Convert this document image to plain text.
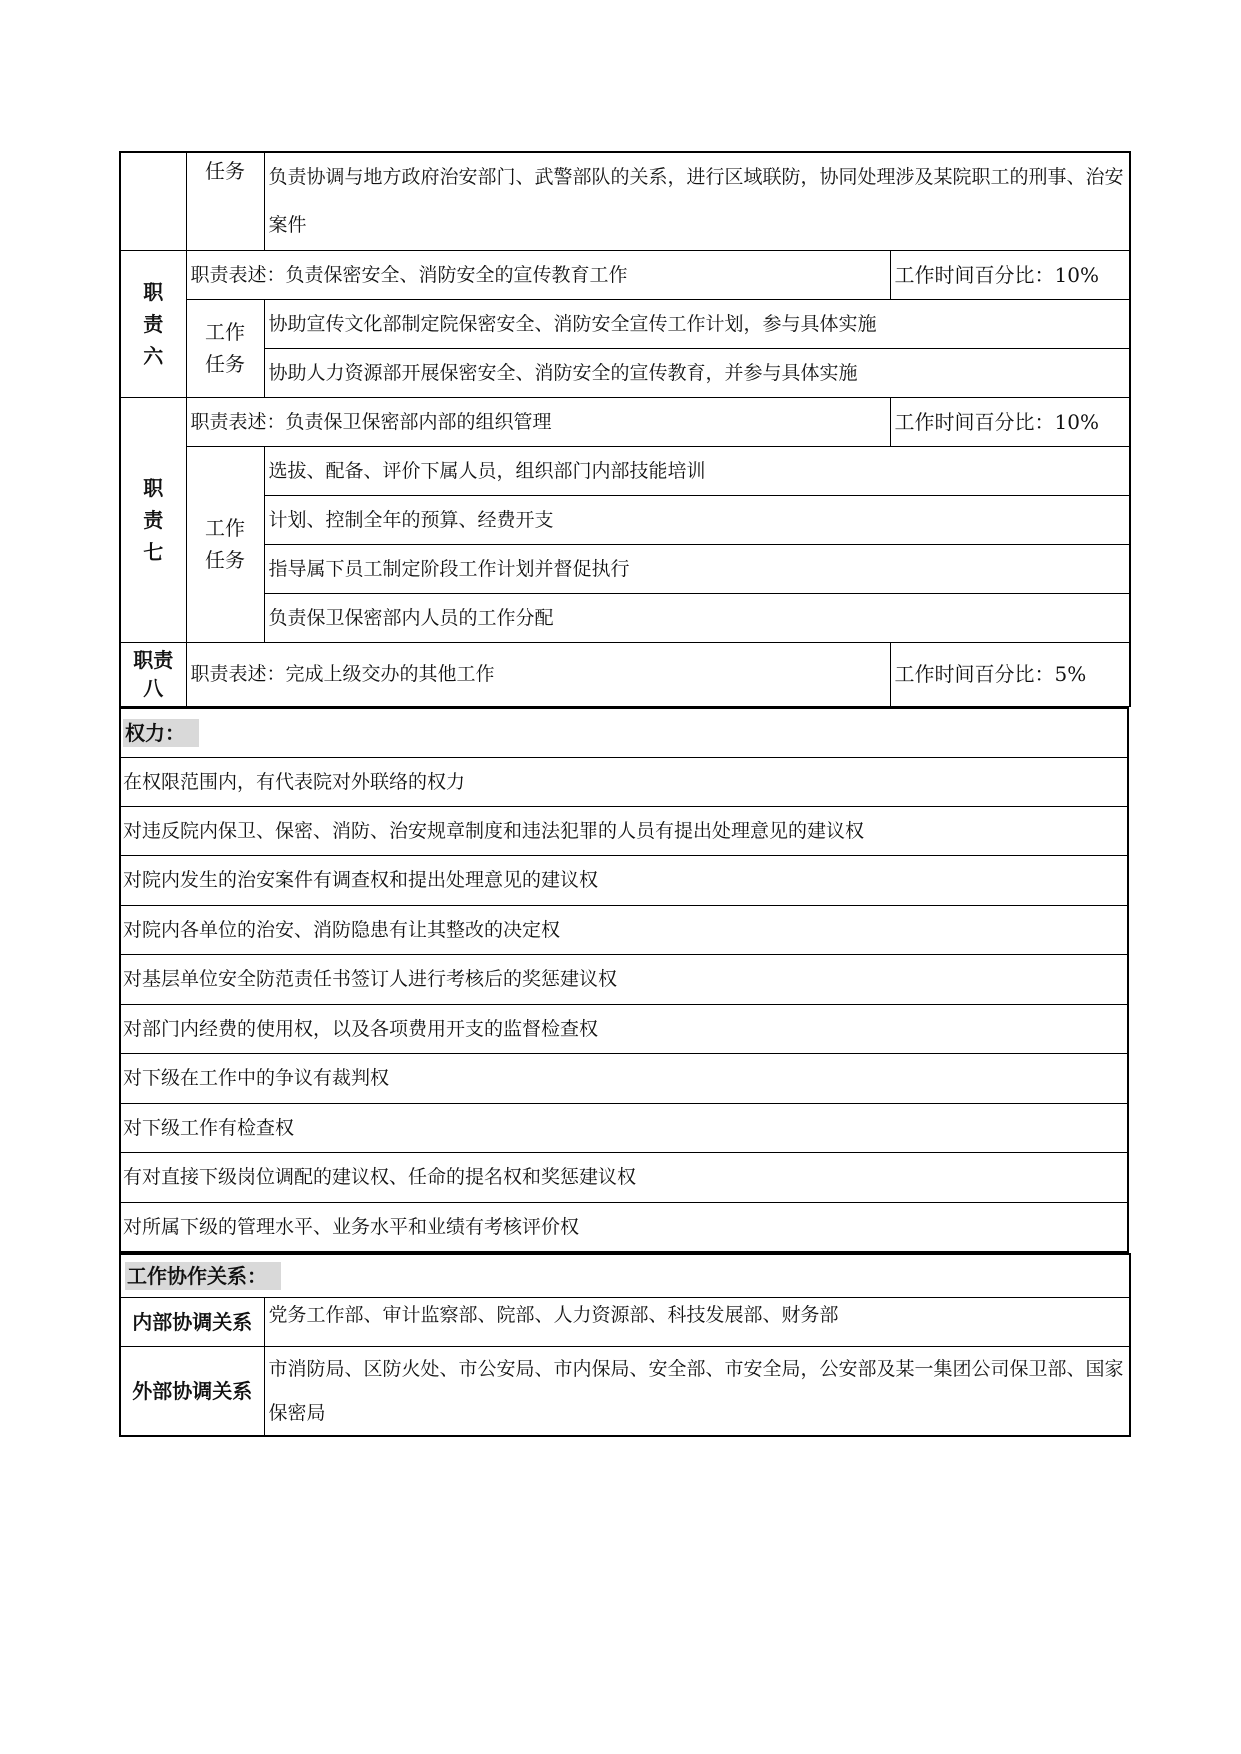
	任务	负责协调与地方政府治安部门、武警部队的关系，进行区域联防，协同处理涉及某院职工的刑事、治安案件	
职责六	职责表述：负责保密安全、消防安全的宣传教育工作		工作时间百分比：10%
	工作任务	协助宣传文化部制定院保密安全、消防安全宣传工作计划，参与具体实施	
		协助人力资源部开展保密安全、消防安全的宣传教育，并参与具体实施	
职责七	职责表述：负责保卫保密部内部的组织管理		工作时间百分比：10%
	工作任务	选拔、配备、评价下属人员，组织部门内部技能培训	
		计划、控制全年的预算、经费开支	
		指导属下员工制定阶段工作计划并督促执行	
		负责保卫保密部内人员的工作分配	
职责八	职责表述：完成上级交办的其他工作		工作时间百分比：5%
权力：
在权限范围内，有代表院对外联络的权力
对违反院内保卫、保密、消防、治安规章制度和违法犯罪的人员有提出处理意见的建议权
对院内发生的治安案件有调查权和提出处理意见的建议权
对院内各单位的治安、消防隐患有让其整改的决定权
对基层单位安全防范责任书签订人进行考核后的奖惩建议权
对部门内经费的使用权，以及各项费用开支的监督检查权
对下级在工作中的争议有裁判权
对下级工作有检查权
有对直接下级岗位调配的建议权、任命的提名权和奖惩建议权
对所属下级的管理水平、业务水平和业绩有考核评价权
工作协作关系：	
内部协调关系	党务工作部、审计监察部、院部、人力资源部、科技发展部、财务部
外部协调关系	市消防局、区防火处、市公安局、市内保局、安全部、市安全局，公安部及某一集团公司保卫部、国家保密局
